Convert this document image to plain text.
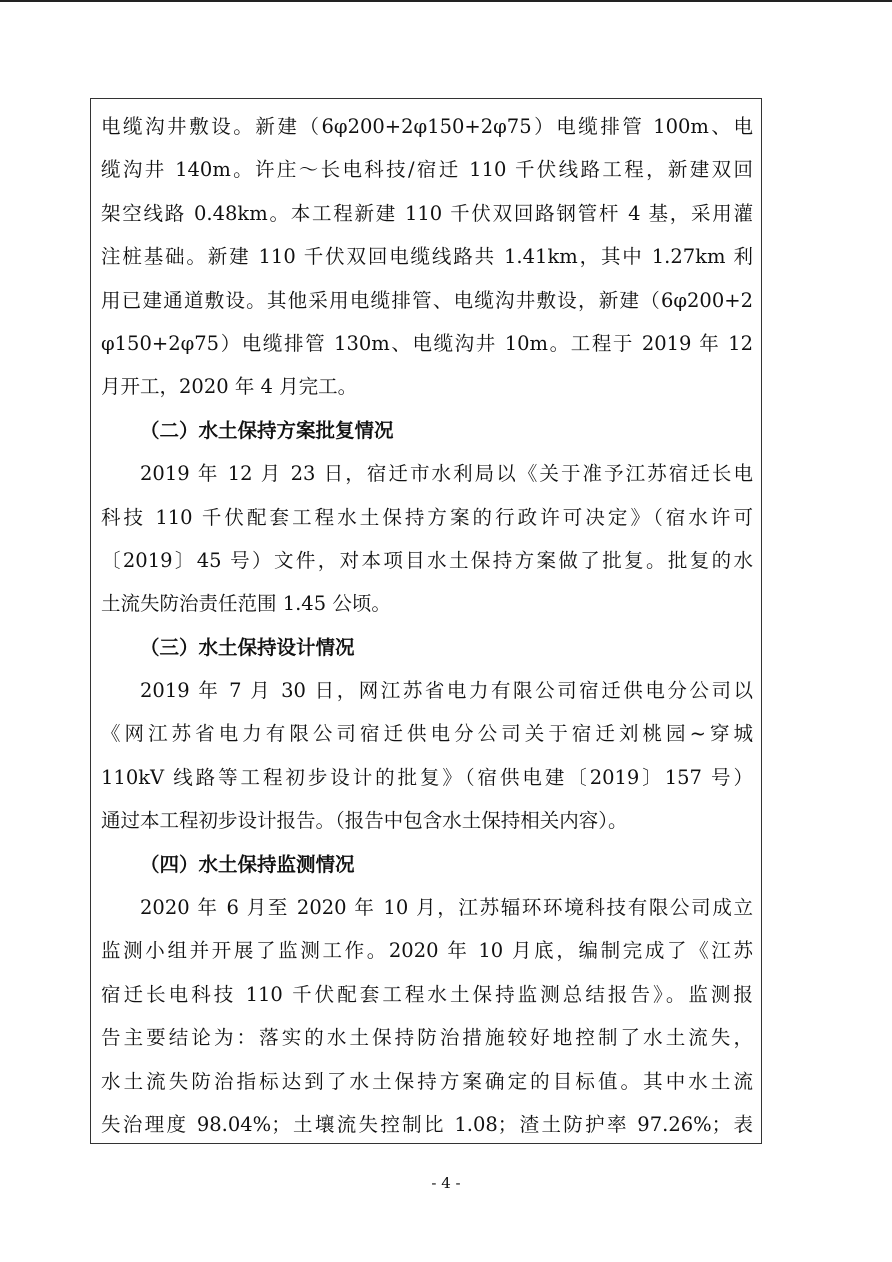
电缆沟井敷设。新建（6φ200+2φ150+2φ75）电缆排管 100m、电
缆沟井 140m。许庄～长电科技/宿迁 110 千伏线路工程，新建双回
架空线路 0.48km。本工程新建 110 千伏双回路钢管杆 4 基，采用灌
注桩基础。新建 110 千伏双回电缆线路共 1.41km，其中 1.27km 利
用已建通道敷设。其他采用电缆排管、电缆沟井敷设，新建（6φ200+2
φ150+2φ75）电缆排管 130m、电缆沟井 10m。工程于 2019 年 12
月开工，2020 年 4 月完工。
（二）水土保持方案批复情况
2019 年 12 月 23 日，宿迁市水利局以《关于准予江苏宿迁长电
科技 110 千伏配套工程水土保持方案的行政许可决定》（宿水许可
〔2019〕45 号）文件，对本项目水土保持方案做了批复。批复的水
土流失防治责任范围 1.45 公顷。
（三）水土保持设计情况
2019 年 7 月 30 日，网江苏省电力有限公司宿迁供电分公司以
《网江苏省电力有限公司宿迁供电分公司关于宿迁刘桃园~穿城
110kV 线路等工程初步设计的批复》（宿供电建〔2019〕157 号）
通过本工程初步设计报告。（报告中包含水土保持相关内容）。
（四）水土保持监测情况
2020 年 6 月至 2020 年 10 月，江苏辐环环境科技有限公司成立
监测小组并开展了监测工作。2020 年 10 月底，编制完成了《江苏
宿迁长电科技 110 千伏配套工程水土保持监测总结报告》。监测报
告主要结论为：落实的水土保持防治措施较好地控制了水土流失，
水土流失防治指标达到了水土保持方案确定的目标值。其中水土流
失治理度 98.04%；土壤流失控制比 1.08；渣土防护率 97.26%；表
- 4 -
